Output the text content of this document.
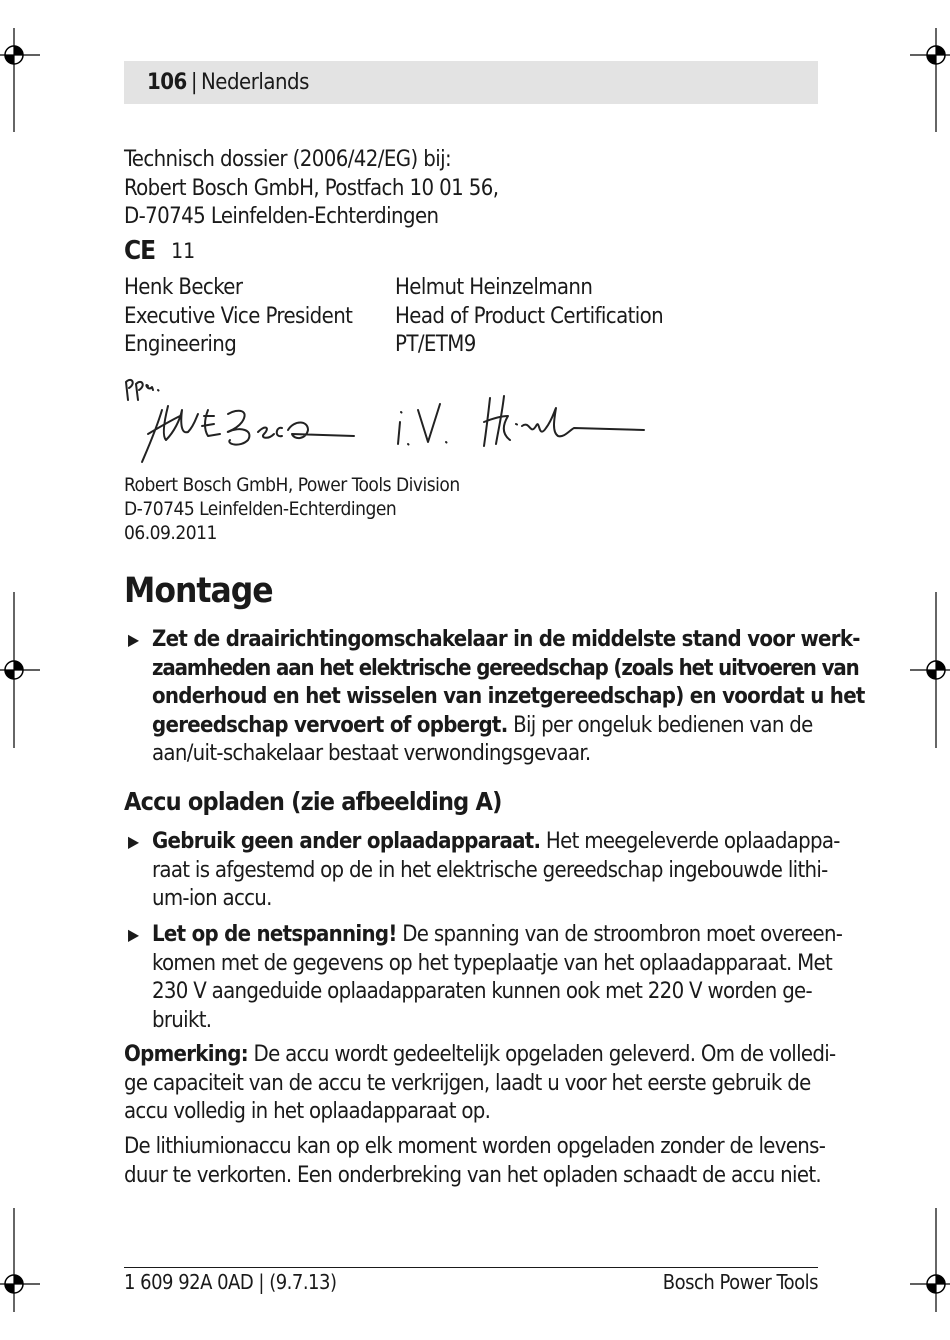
106 | Nederlands
Technisch dossier (2006/42/EG) bij:
Robert Bosch GmbH, Postfach 10 01 56,
D-70745 Leinfelden-Echterdingen
CE 11
Henk Becker
Executive Vice President
Engineering
Helmut Heinzelmann
Head of Product Certification
PT/ETM9
Robert Bosch GmbH, Power Tools Division
D-70745 Leinfelden-Echterdingen
06.09.2011
Montage
▶ Zet de draairichtingomschakelaar in de middelste stand voor werk-
zaamheden aan het elektrische gereedschap (zoals het uitvoeren van
onderhoud en het wisselen van inzetgereedschap) en voordat u het
gereedschap vervoert of opbergt. Bij per ongeluk bedienen van de
aan/uit-schakelaar bestaat verwondingsgevaar.
Accu opladen (zie afbeelding A)
▶ Gebruik geen ander oplaadapparaat. Het meegeleverde oplaadappa-
raat is afgestemd op de in het elektrische gereedschap ingebouwde lithi-
um-ion accu.
▶ Let op de netspanning! De spanning van de stroombron moet overeen-
komen met de gegevens op het typeplaatje van het oplaadapparaat. Met
230 V aangeduide oplaadapparaten kunnen ook met 220 V worden ge-
bruikt.
Opmerking: De accu wordt gedeeltelijk opgeladen geleverd. Om de volledi-
ge capaciteit van de accu te verkrijgen, laadt u voor het eerste gebruik de
accu volledig in het oplaadapparaat op.
De lithiumionaccu kan op elk moment worden opgeladen zonder de levens-
duur te verkorten. Een onderbreking van het opladen schaadt de accu niet.
1 609 92A 0AD | (9.7.13)	Bosch Power Tools
